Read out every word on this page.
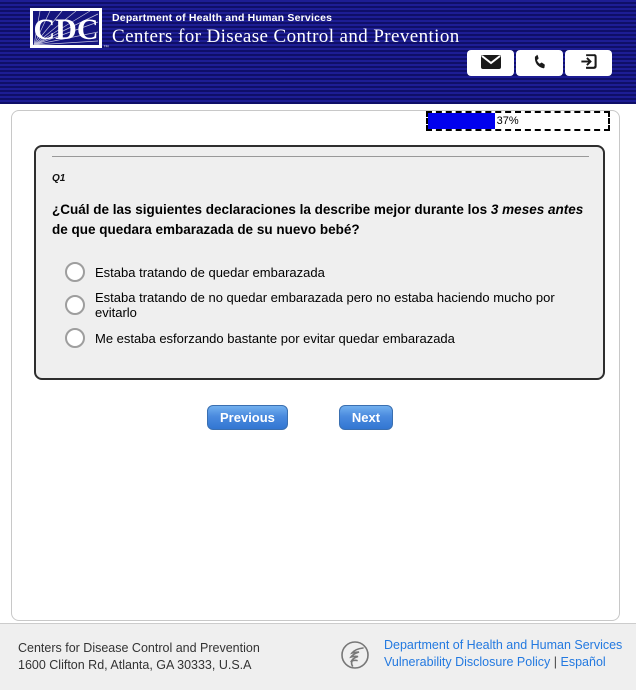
CDC
™
Department of Health and Human Services
Centers for Disease Control and Prevention
37%
Q1
¿Cuál de las siguientes declaraciones la describe mejor durante los 3 meses antes de que quedara embarazada de su nuevo bebé?
Estaba tratando de quedar embarazada
Estaba tratando de no quedar embarazada pero no estaba haciendo mucho por evitarlo
Me estaba esforzando bastante por evitar quedar embarazada
Previous	Next
Centers for Disease Control and Prevention
1600 Clifton Rd, Atlanta, GA 30333, U.S.A
Department of Health and Human Services
Vulnerability Disclosure Policy | Español
